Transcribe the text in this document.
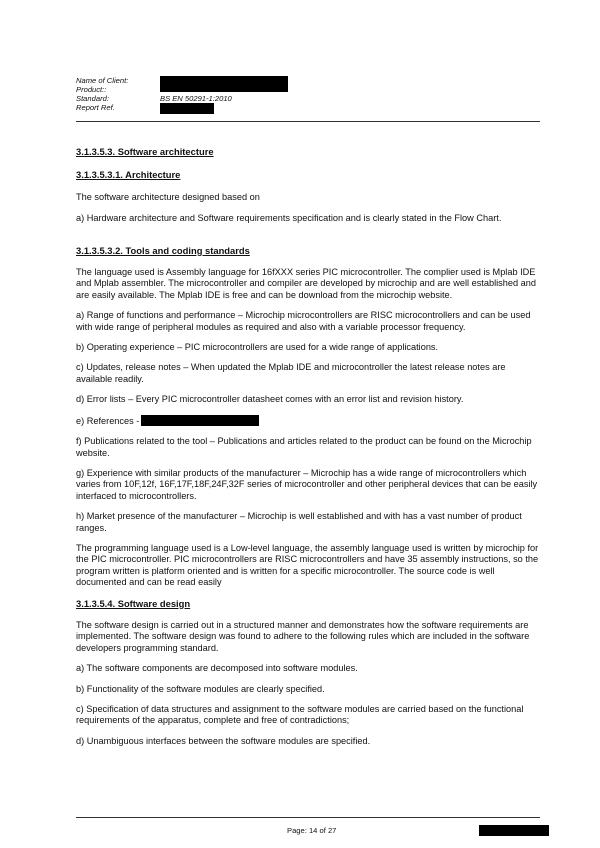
Name of Client:
Product::
Standard:	BS EN 50291-1:2010
Report Ref.

3.1.3.5.3. Software architecture

3.1.3.5.3.1. Architecture

The software architecture designed based on

a) Hardware architecture and Software requirements specification and is clearly stated in the Flow Chart.

3.1.3.5.3.2. Tools and coding standards

The language used is Assembly language for 16fXXX series PIC microcontroller. The complier used is Mplab IDE and Mplab assembler. The microcontroller and compiler are developed by microchip and are well established and are easily available. The Mplab IDE is free and can be download from the microchip website.

a) Range of functions and performance – Microchip microcontrollers are RISC microcontrollers and can be used with wide range of peripheral modules as required and also with a variable processor frequency.

b) Operating experience – PIC microcontrollers are used for a wide range of applications.

c) Updates, release notes – When updated the Mplab IDE and microcontroller the latest release notes are available readily.

d) Error lists – Every PIC microcontroller datasheet comes with an error list and revision history.

e) References -

f) Publications related to the tool – Publications and articles related to the product can be found on the Microchip website.

g) Experience with similar products of the manufacturer – Microchip has a wide range of microcontrollers which varies from 10F,12f, 16F,17F,18F,24F,32F series of microcontroller and other peripheral devices that can be easily interfaced to microcontrollers.

h) Market presence of the manufacturer – Microchip is well established and with has a vast number of product ranges.

The programming language used is a Low-level language, the assembly language used is written by microchip for the PIC microcontroller. PIC microcontrollers are RISC microcontrollers and have 35 assembly instructions, so the program written is platform oriented and is written for a specific microcontroller. The source code is well documented and can be read easily

3.1.3.5.4. Software design

The software design is carried out in a structured manner and demonstrates how the software requirements are implemented. The software design was found to adhere to the following rules which are included in the software developers programming standard.

a) The software components are decomposed into software modules.

b) Functionality of the software modules are clearly specified.

c) Specification of data structures and assignment to the software modules are carried based on the functional requirements of the apparatus, complete and free of contradictions;

d) Unambiguous interfaces between the software modules are specified.

Page: 14 of 27
